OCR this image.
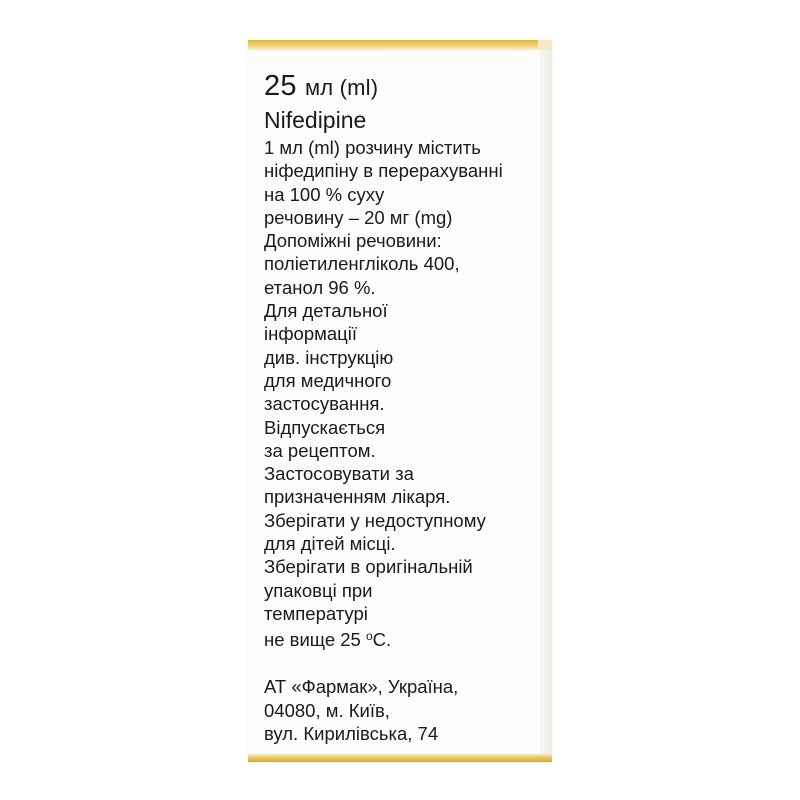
25 мл (ml)
Nifedipine
1 мл (ml) розчину містить
ніфедипіну в перерахуванні
на 100 % суху
речовину – 20 мг (mg)
Допоміжні речовини:
поліетиленгліколь 400,
етанол 96 %.
Для детальної
інформації
див. інструкцію
для медичного
застосування.
Відпускається
за рецептом.
Застосовувати за
призначенням лікаря.
Зберігати у недоступному
для дітей місці.
Зберігати в оригінальній
упаковці при
температурі
не вище 25 $^о$С.
АТ «Фармак», Україна,
04080, м. Київ,
вул. Кирилівська, 74
